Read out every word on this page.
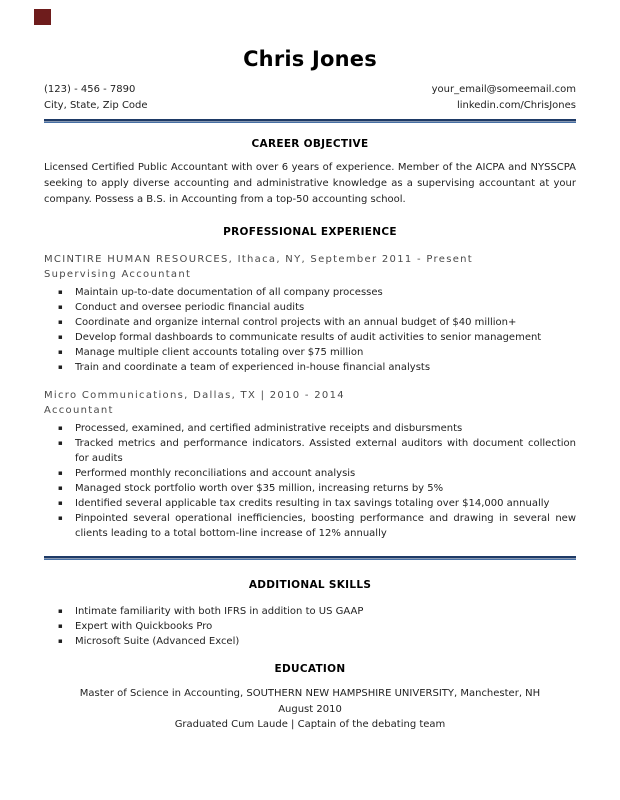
Chris Jones
(123) - 456 - 7890
City, State, Zip Code
your_email@someemail.com
linkedin.com/ChrisJones
CAREER OBJECTIVE

Licensed Certified Public Accountant with over 6 years of experience. Member of the AICPA and NYSSCPA seeking to apply diverse accounting and administrative knowledge as a supervising accountant at your company. Possess a B.S. in Accounting from a top-50 accounting school.

PROFESSIONAL EXPERIENCE
MCINTIRE HUMAN RESOURCES, Ithaca, NY, September 2011 - Present
Supervising Accountant
▪ Maintain up-to-date documentation of all company processes
▪ Conduct and oversee periodic financial audits
▪ Coordinate and organize internal control projects with an annual budget of $40 million+
▪ Develop formal dashboards to communicate results of audit activities to senior management
▪ Manage multiple client accounts totaling over $75 million
▪ Train and coordinate a team of experienced in-house financial analysts
Micro Communications, Dallas, TX | 2010 - 2014
Accountant
▪ Processed, examined, and certified administrative receipts and disbursments
▪ Tracked metrics and performance indicators. Assisted external auditors with document collection for audits
▪ Performed monthly reconciliations and account analysis
▪ Managed stock portfolio worth over $35 million, increasing returns by 5%
▪ Identified several applicable tax credits resulting in tax savings totaling over $14,000 annually
▪ Pinpointed several operational inefficiencies, boosting performance and drawing in several new clients leading to a total bottom-line increase of 12% annually
ADDITIONAL SKILLS
▪ Intimate familiarity with both IFRS in addition to US GAAP
▪ Expert with Quickbooks Pro
▪ Microsoft Suite (Advanced Excel)
EDUCATION
Master of Science in Accounting, SOUTHERN NEW HAMPSHIRE UNIVERSITY, Manchester, NH
August 2010
Graduated Cum Laude | Captain of the debating team
